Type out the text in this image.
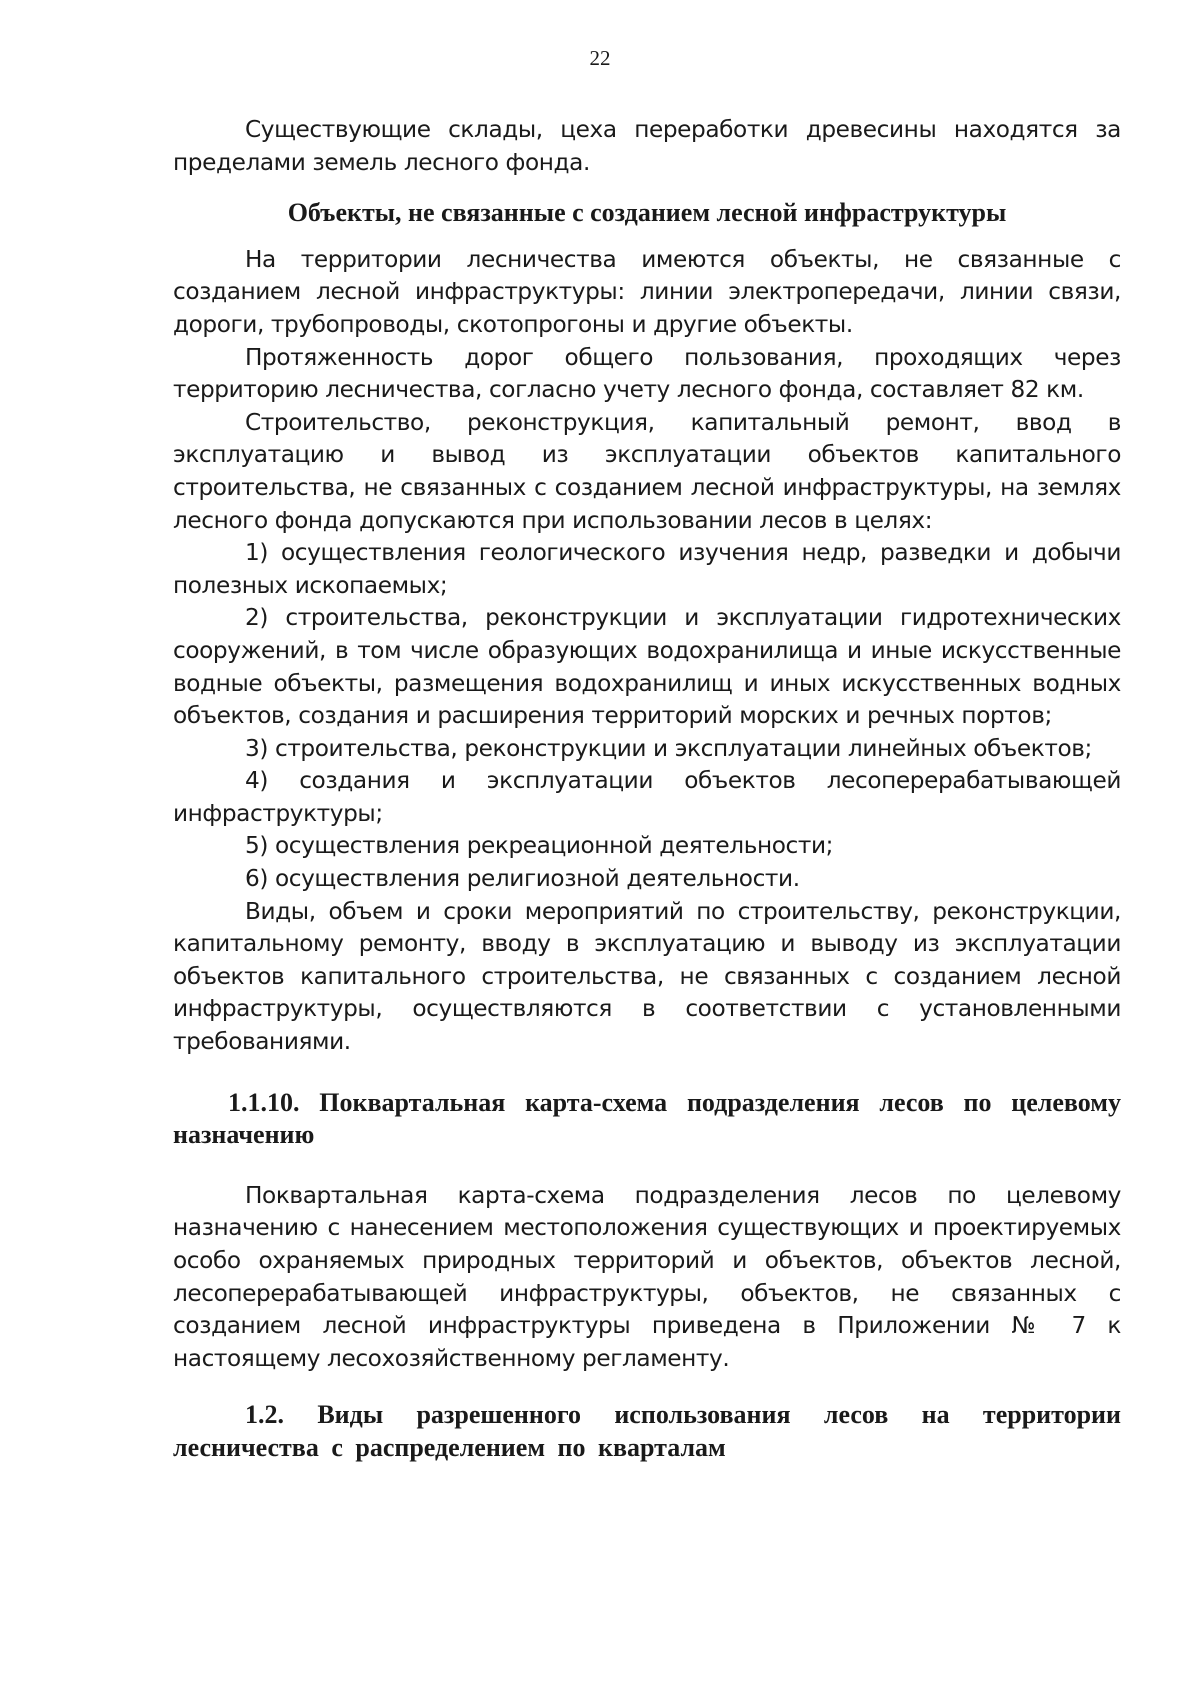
22

Существующие склады, цеха переработки древесины находятся за пределами земель лесного фонда.

Объекты, не связанные с созданием лесной инфраструктуры

На территории лесничества имеются объекты, не связанные с созданием лесной инфраструктуры: линии электропередачи, линии связи, дороги, трубопроводы, скотопрогоны и другие объекты.

Протяженность дорог общего пользования, проходящих через территорию лесничества, согласно учету лесного фонда, составляет 82 км.

Строительство, реконструкция, капитальный ремонт, ввод в эксплуатацию и вывод из эксплуатации объектов капитального строительства, не связанных с созданием лесной инфраструктуры, на землях лесного фонда допускаются при использовании лесов в целях:

1) осуществления геологического изучения недр, разведки и добычи полезных ископаемых;

2) строительства, реконструкции и эксплуатации гидротехнических сооружений, в том числе образующих водохранилища и иные искусственные водные объекты, размещения водохранилищ и иных искусственных водных объектов, создания и расширения территорий морских и речных портов;

3) строительства, реконструкции и эксплуатации линейных объектов;

4) создания и эксплуатации объектов лесоперерабатывающей инфраструктуры;

5) осуществления рекреационной деятельности;

6) осуществления религиозной деятельности.

Виды, объем и сроки мероприятий по строительству, реконструкции, капитальному ремонту, вводу в эксплуатацию и выводу из эксплуатации объектов капитального строительства, не связанных с созданием лесной инфраструктуры, осуществляются в соответствии с установленными требованиями.

1.1.10. Поквартальная карта-схема подразделения лесов по целевому назначению

Поквартальная карта-схема подразделения лесов по целевому назначению с нанесением местоположения существующих и проектируемых особо охраняемых природных территорий и объектов, объектов лесной, лесоперерабатывающей инфраструктуры, объектов, не связанных с созданием лесной инфраструктуры приведена в Приложении № 7 к настоящему лесохозяйственному регламенту.

1.2. Виды разрешенного использования лесов на территории лесничества с распределением по кварталам
